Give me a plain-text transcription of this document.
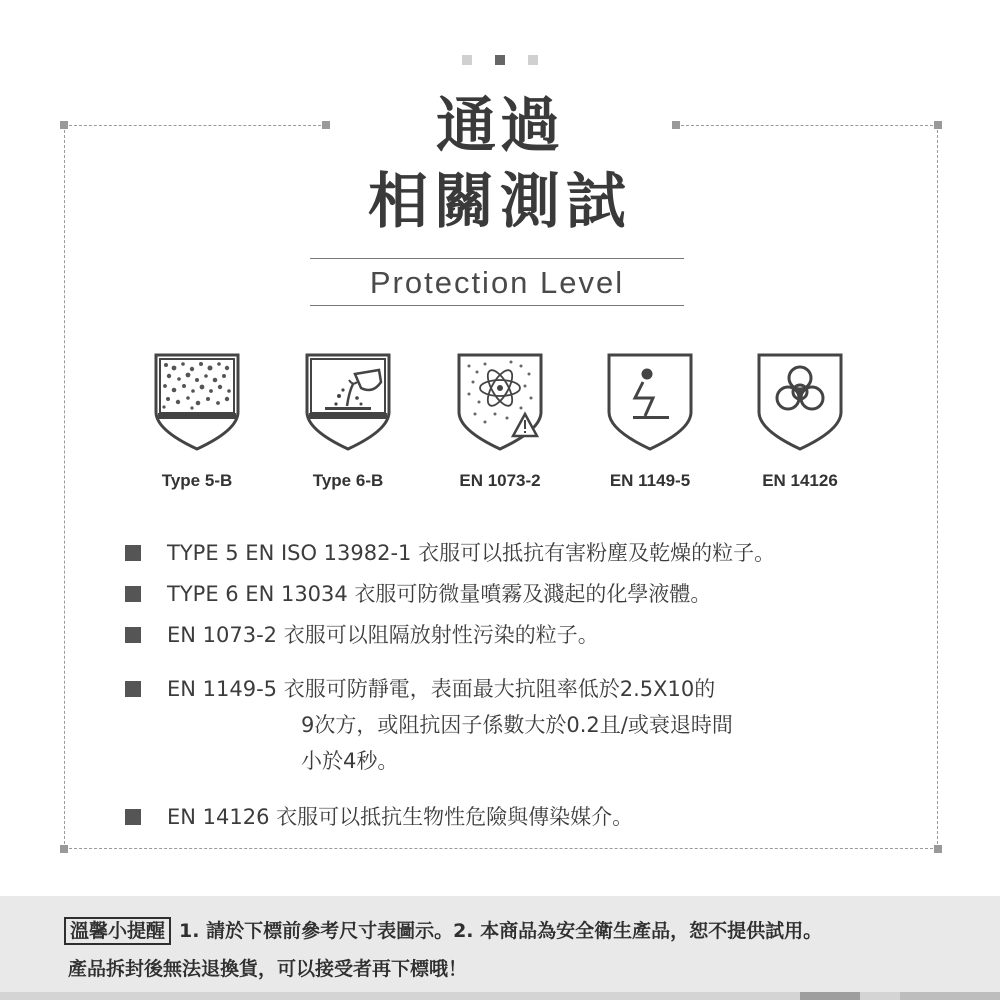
通過
相關測試
Protection Level
Type 5-B	Type 6-B	EN 1073-2	EN 1149-5	EN 14126
TYPE 5 EN ISO 13982-1 衣服可以抵抗有害粉塵及乾燥的粒子。
TYPE 6 EN 13034 衣服可防微量噴霧及濺起的化學液體。
EN 1073-2 衣服可以阻隔放射性污染的粒子。
EN 1149-5 衣服可防靜電，表面最大抗阻率低於2.5X10的
9次方，或阻抗因子係數大於0.2且/或衰退時間
小於4秒。
EN 14126 衣服可以抵抗生物性危險與傳染媒介。
溫馨小提醒 1. 請於下標前參考尺寸表圖示。2. 本商品為安全衛生產品，恕不提供試用。
產品拆封後無法退換貨，可以接受者再下標哦！
